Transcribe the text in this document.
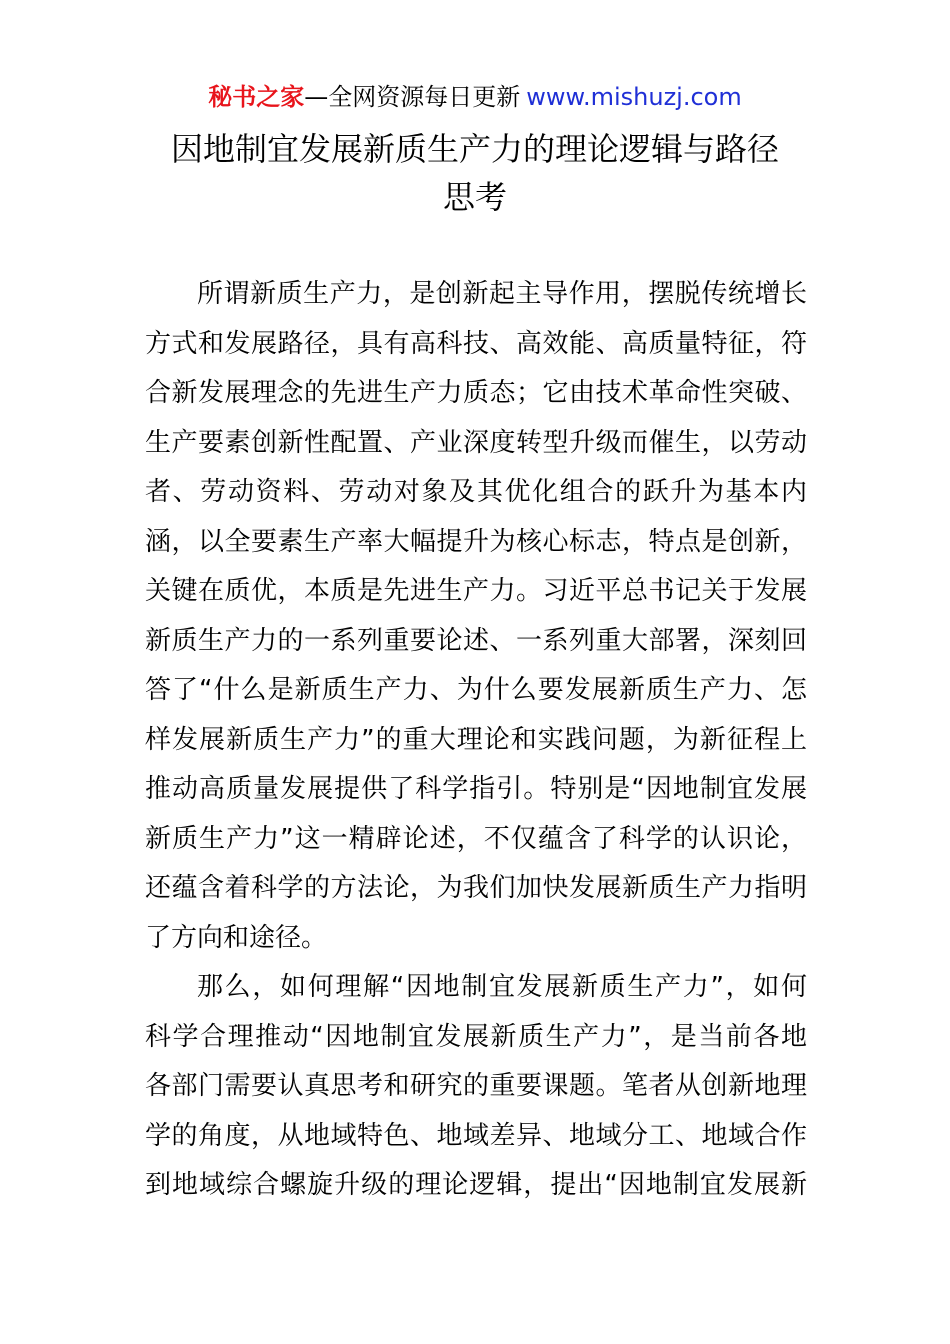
秘书之家—全网资源每日更新 www.mishuzj.com
因地制宜发展新质生产力的理论逻辑与路径
思考
所谓新质生产力，是创新起主导作用，摆脱传统增长
方式和发展路径，具有高科技、高效能、高质量特征，符
合新发展理念的先进生产力质态；它由技术革命性突破、
生产要素创新性配置、产业深度转型升级而催生，以劳动
者、劳动资料、劳动对象及其优化组合的跃升为基本内
涵，以全要素生产率大幅提升为核心标志，特点是创新，
关键在质优，本质是先进生产力。习近平总书记关于发展
新质生产力的一系列重要论述、一系列重大部署，深刻回
答了“什么是新质生产力、为什么要发展新质生产力、怎
样发展新质生产力”的重大理论和实践问题，为新征程上
推动高质量发展提供了科学指引。特别是“因地制宜发展
新质生产力”这一精辟论述，不仅蕴含了科学的认识论，
还蕴含着科学的方法论，为我们加快发展新质生产力指明
了方向和途径。
那么，如何理解“因地制宜发展新质生产力”，如何
科学合理推动“因地制宜发展新质生产力”，是当前各地
各部门需要认真思考和研究的重要课题。笔者从创新地理
学的角度，从地域特色、地域差异、地域分工、地域合作
到地域综合螺旋升级的理论逻辑，提出“因地制宜发展新
